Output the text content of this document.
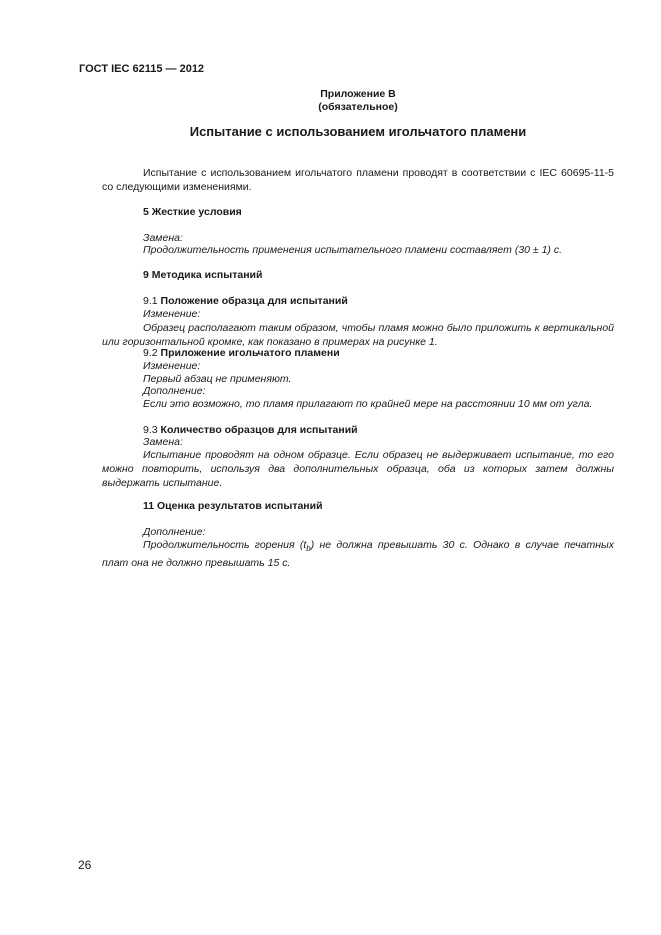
ГОСТ IEC 62115 — 2012
Приложение В
(обязательное)
Испытание с использованием игольчатого пламени
Испытание с использованием игольчатого пламени проводят в соответствии с IEC 60695-11-5 со следующими изменениями.
5 Жесткие условия
Замена:
Продолжительность применения испытательного пламени составляет (30 ± 1) с.
9 Методика испытаний
9.1 Положение образца для испытаний
Изменение:
Образец располагают таким образом, чтобы пламя можно было приложить к вертикальной или горизонтальной кромке, как показано в примерах на рисунке 1.
9.2 Приложение игольчатого пламени
Изменение:
Первый абзац не применяют.
Дополнение:
Если это возможно, то пламя прилагают по крайней мере на расстоянии 10 мм от угла.
9.3 Количество образцов для испытаний
Замена:
Испытание проводят на одном образце. Если образец не выдерживает испытание, то его можно повторить, используя два дополнительных образца, оба из которых затем должны выдержать испытание.
11 Оценка результатов испытаний
Дополнение:
Продолжительность горения $(t_b)$ не должна превышать 30 с. Однако в случае печатных плат она не должно превышать 15 с.
26
